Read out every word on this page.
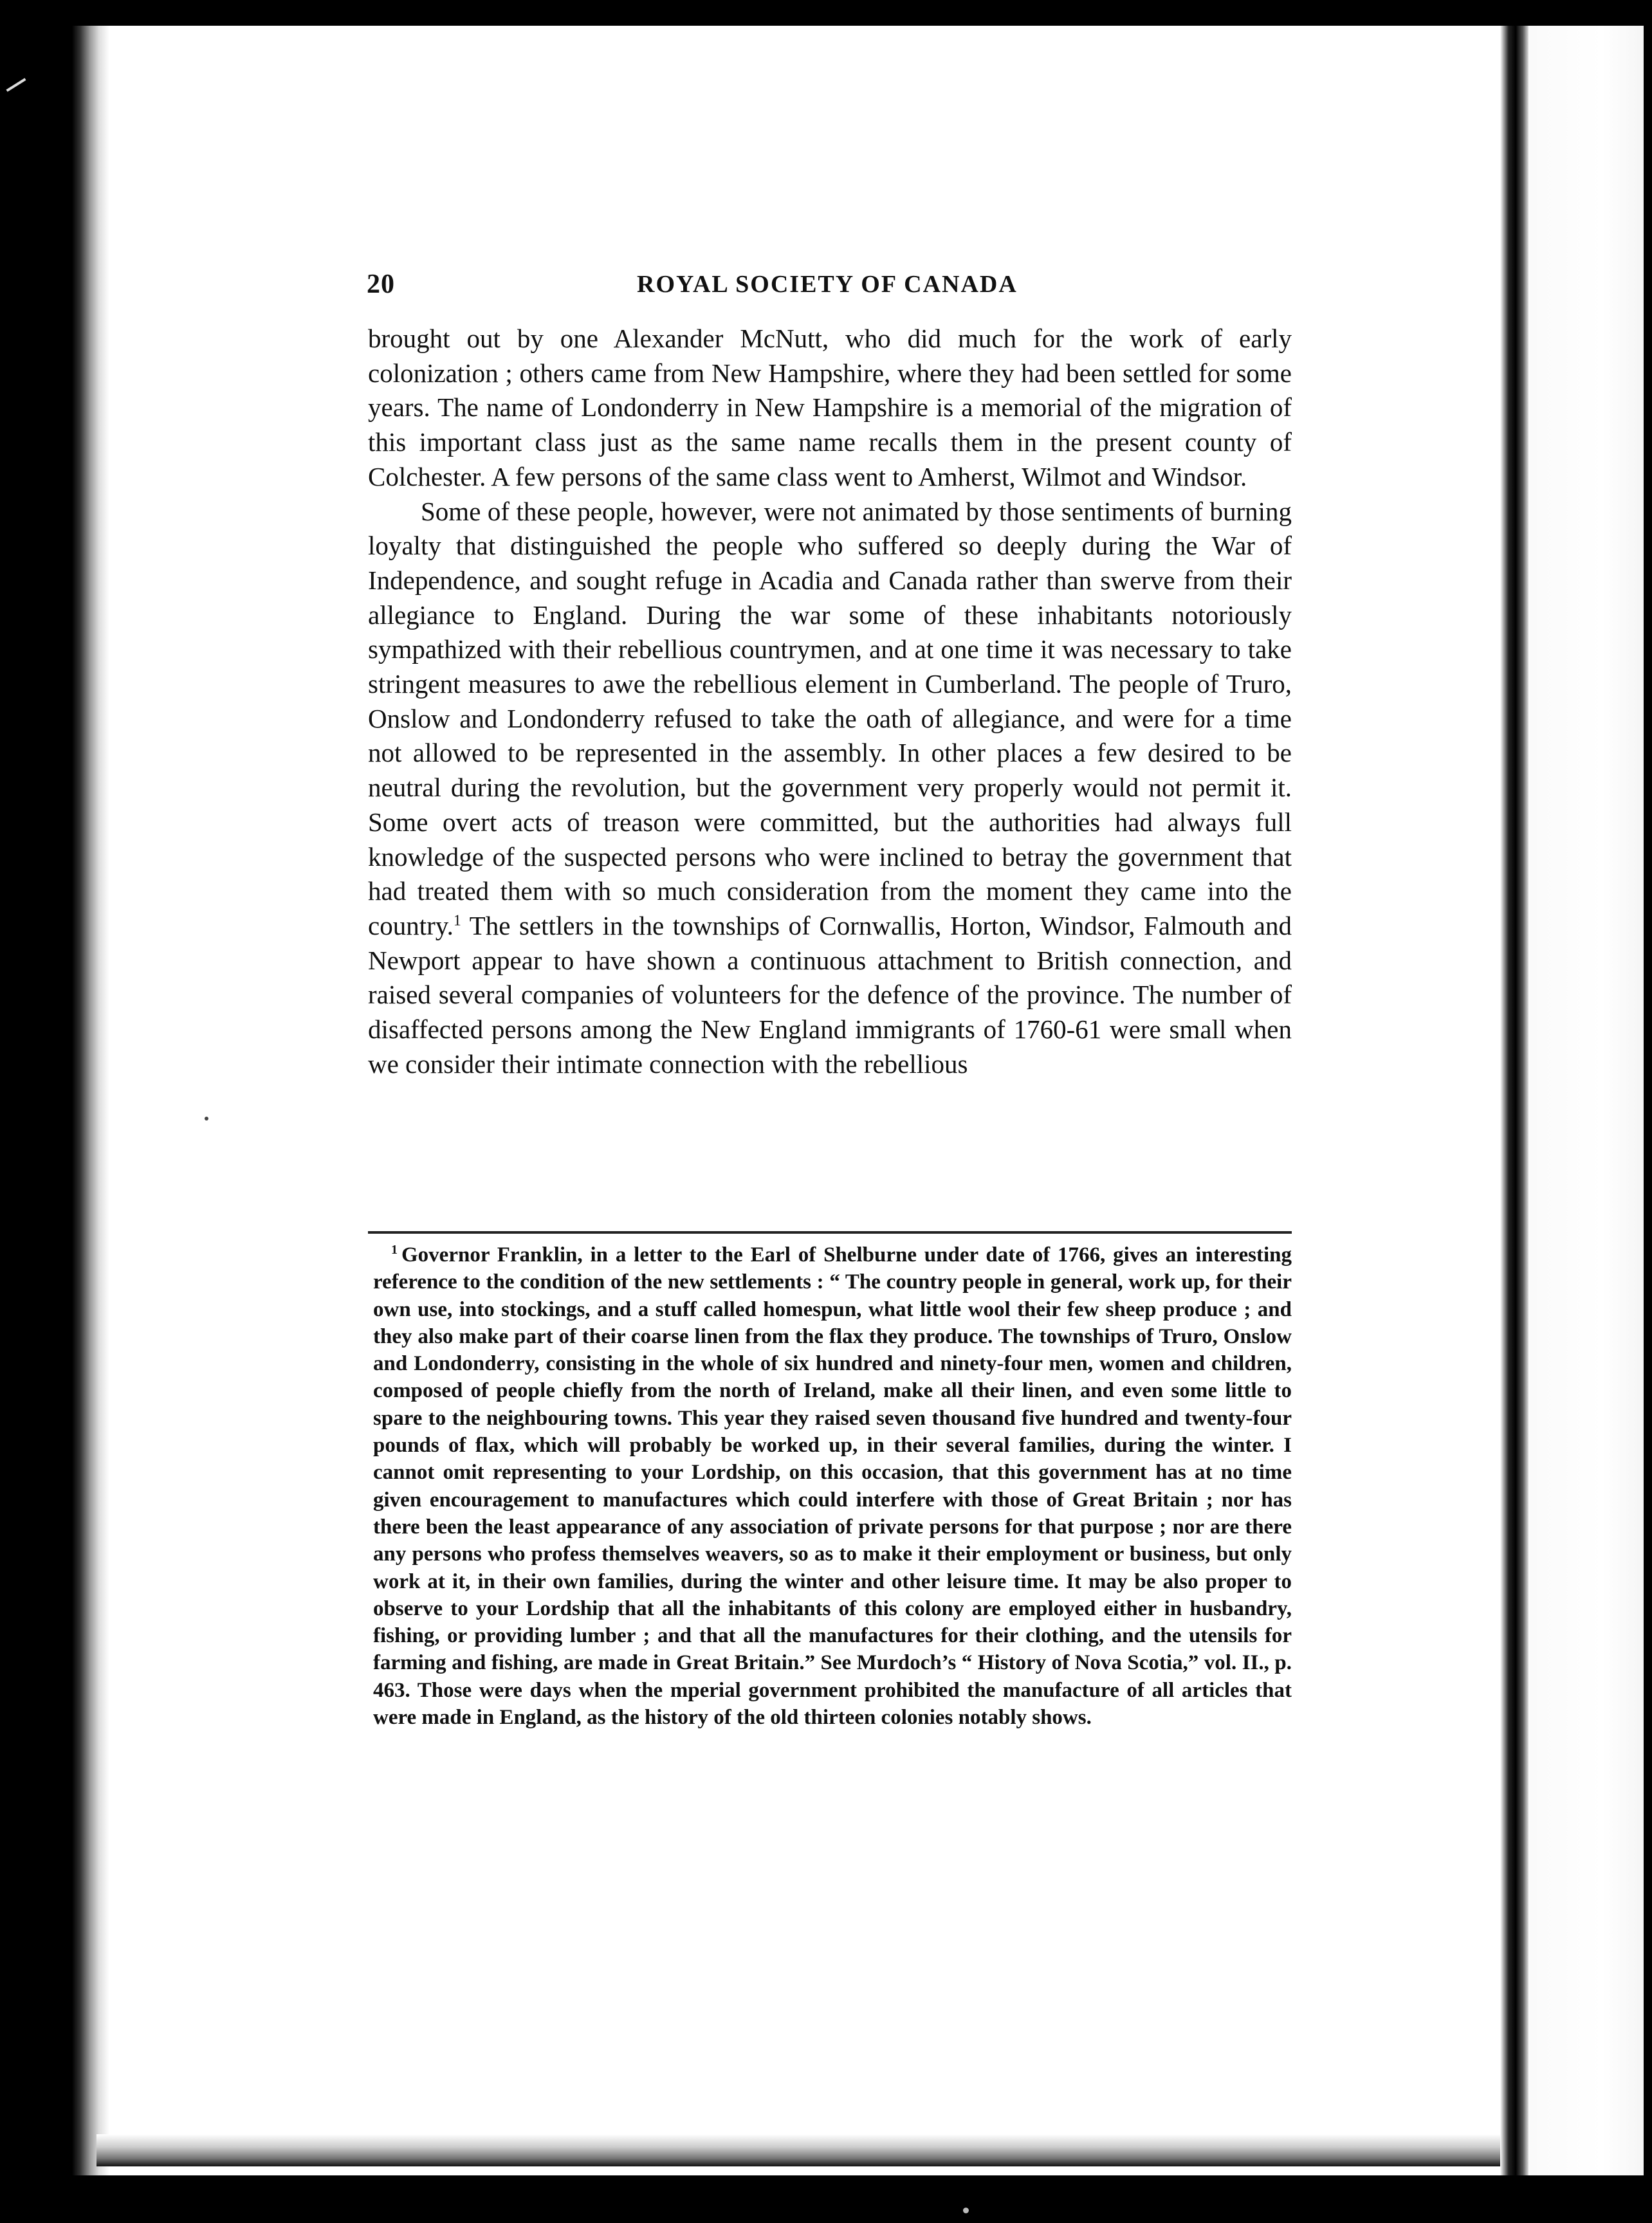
20	ROYAL SOCIETY OF CANADA

brought out by one Alexander McNutt, who did much for the work of early colonization ; others came from New Hampshire, where they had been settled for some years. The name of Londonderry in New Hampshire is a memorial of the migration of this important class just as the same name recalls them in the present county of Colchester. A few persons of the same class went to Amherst, Wilmot and Windsor.

Some of these people, however, were not animated by those sentiments of burning loyalty that distinguished the people who suffered so deeply during the War of Independence, and sought refuge in Acadia and Canada rather than swerve from their allegiance to England. During the war some of these inhabitants notoriously sympathized with their rebellious countrymen, and at one time it was necessary to take stringent measures to awe the rebellious element in Cumberland. The people of Truro, Onslow and Londonderry refused to take the oath of allegiance, and were for a time not allowed to be represented in the assembly. In other places a few desired to be neutral during the revolution, but the government very properly would not permit it. Some overt acts of treason were committed, but the authorities had always full knowledge of the suspected persons who were inclined to betray the government that had treated them with so much consideration from the moment they came into the country.$^1$ The settlers in the townships of Cornwallis, Horton, Windsor, Falmouth and Newport appear to have shown a continuous attachment to British connection, and raised several companies of volunteers for the defence of the province. The number of disaffected persons among the New England immigrants of 1760-61 were small when we consider their intimate connection with the rebellious

$^1$ Governor Franklin, in a letter to the Earl of Shelburne under date of 1766, gives an interesting reference to the condition of the new settlements : “ The country people in general, work up, for their own use, into stockings, and a stuff called homespun, what little wool their few sheep produce ; and they also make part of their coarse linen from the flax they produce. The townships of Truro, Onslow and Londonderry, consisting in the whole of six hundred and ninety-four men, women and children, composed of people chiefly from the north of Ireland, make all their linen, and even some little to spare to the neighbouring towns. This year they raised seven thousand five hundred and twenty-four pounds of flax, which will probably be worked up, in their several families, during the winter. I cannot omit representing to your Lordship, on this occasion, that this government has at no time given encouragement to manufactures which could interfere with those of Great Britain ; nor has there been the least appearance of any association of private persons for that purpose ; nor are there any persons who profess themselves weavers, so as to make it their employment or business, but only work at it, in their own families, during the winter and other leisure time. It may be also proper to observe to your Lordship that all the inhabitants of this colony are employed either in husbandry, fishing, or providing lumber ; and that all the manufactures for their clothing, and the utensils for farming and fishing, are made in Great Britain.” See Murdoch’s “ History of Nova Scotia,” vol. II., p. 463. Those were days when the mperial government prohibited the manufacture of all articles that were made in England, as the history of the old thirteen colonies notably shows.
